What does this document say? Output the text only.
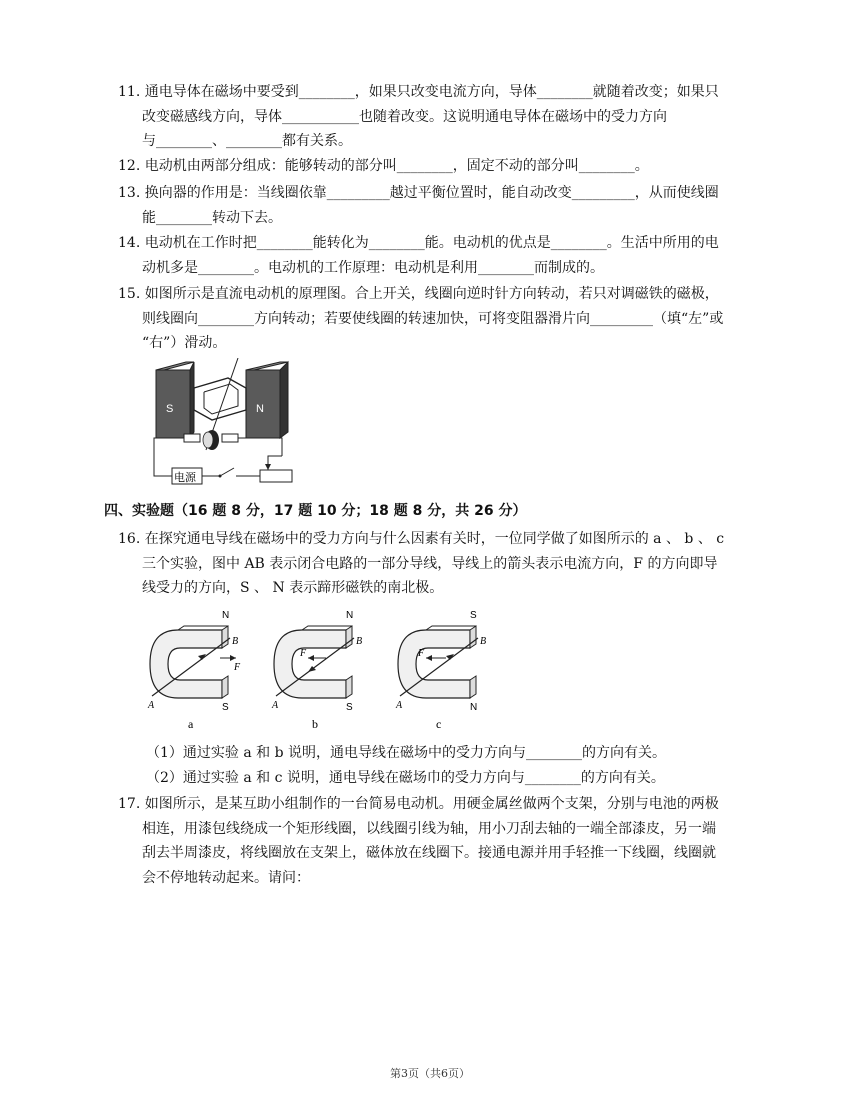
11. 通电导体在磁场中要受到________，如果只改变电流方向，导体________就随着改变；如果只
改变磁感线方向，导体___________也随着改变。这说明通电导体在磁场中的受力方向
与________、________都有关系。
12. 电动机由两部分组成：能够转动的部分叫________，固定不动的部分叫________。
13. 换向器的作用是：当线圈依靠_________越过平衡位置时，能自动改变_________，从而使线圈
能________转动下去。
14. 电动机在工作时把________能转化为________能。电动机的优点是________。生活中所用的电
动机多是________。电动机的工作原理：电动机是利用________而制成的。
15. 如图所示是直流电动机的原理图。合上开关，线圈向逆时针方向转动，若只对调磁铁的磁极，
则线圈向________方向转动；若要使线圈的转速加快，可将变阻器滑片向_________（填“左”或
“右”）滑动。
S	N
电源
四、实验题（16 题 8 分，17 题 10 分；18 题 8 分，共 26 分）
16. 在探究通电导线在磁场中的受力方向与什么因素有关时，一位同学做了如图所示的 a 、 b 、 c
三个实验，图中 AB 表示闭合电路的一部分导线，导线上的箭头表示电流方向，F 的方向即导
线受力的方向，S 、 N 表示蹄形磁铁的南北极。
N
S
B
F
A
a
N
S
B
F
A
b
S
N
B
F
A
c
（1）通过实验 a 和 b 说明，通电导线在磁场中的受力方向与________的方向有关。
（2）通过实验 a 和 c 说明，通电导线在磁场巾的受力方向与________的方向有关。
17. 如图所示，是某互助小组制作的一台简易电动机。用硬金属丝做两个支架，分别与电池的两极
相连，用漆包线绕成一个矩形线圈，以线圈引线为轴，用小刀刮去轴的一端全部漆皮，另一端
刮去半周漆皮，将线圈放在支架上，磁体放在线圈下。接通电源并用手轻推一下线圈，线圈就
会不停地转动起来。请问：
第3页（共6页）
